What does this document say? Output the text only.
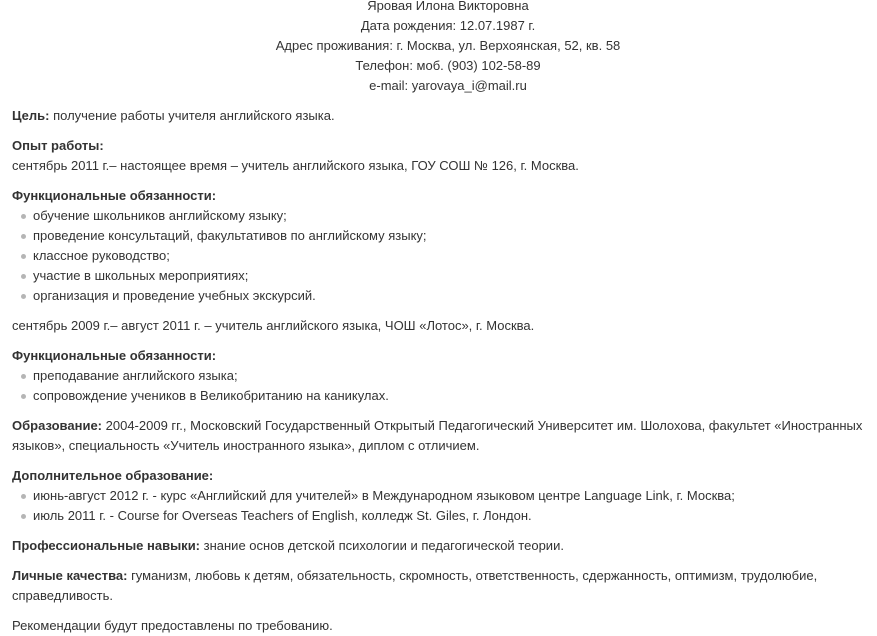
Яровая Илона Викторовна
Дата рождения: 12.07.1987 г.
Адрес проживания: г. Москва, ул. Верхоянская, 52, кв. 58
Телефон: моб. (903) 102-58-89
e-mail: yarovaya_i@mail.ru

Цель: получение работы учителя английского языка.

Опыт работы:

сентябрь 2011 г.– настоящее время – учитель английского языка, ГОУ СОШ № 126, г. Москва.

Функциональные обязанности:

обучение школьников английскому языку;
проведение консультаций, факультативов по английскому языку;
классное руководство;
участие в школьных мероприятиях;
организация и проведение учебных экскурсий.

сентябрь 2009 г.– август 2011 г. – учитель английского языка, ЧОШ «Лотос», г. Москва.

Функциональные обязанности:

преподавание английского языка;
сопровождение учеников в Великобританию на каникулах.

Образование: 2004-2009 гг., Московский Государственный Открытый Педагогический Университет им. Шолохова, факультет «Иностранных

языков», специальность «Учитель иностранного языка», диплом с отличием.

Дополнительное образование:

июнь-август 2012 г. - курс «Английский для учителей» в Международном языковом центре Language Link, г. Москва;
июль 2011 г. - Course for Overseas Teachers of English, колледж St. Giles, г. Лондон.

Профессиональные навыки: знание основ детской психологии и педагогической теории.

Личные качества: гуманизм, любовь к детям, обязательность, скромность, ответственность, сдержанность, оптимизм, трудолюбие,

справедливость.

Рекомендации будут предоставлены по требованию.
